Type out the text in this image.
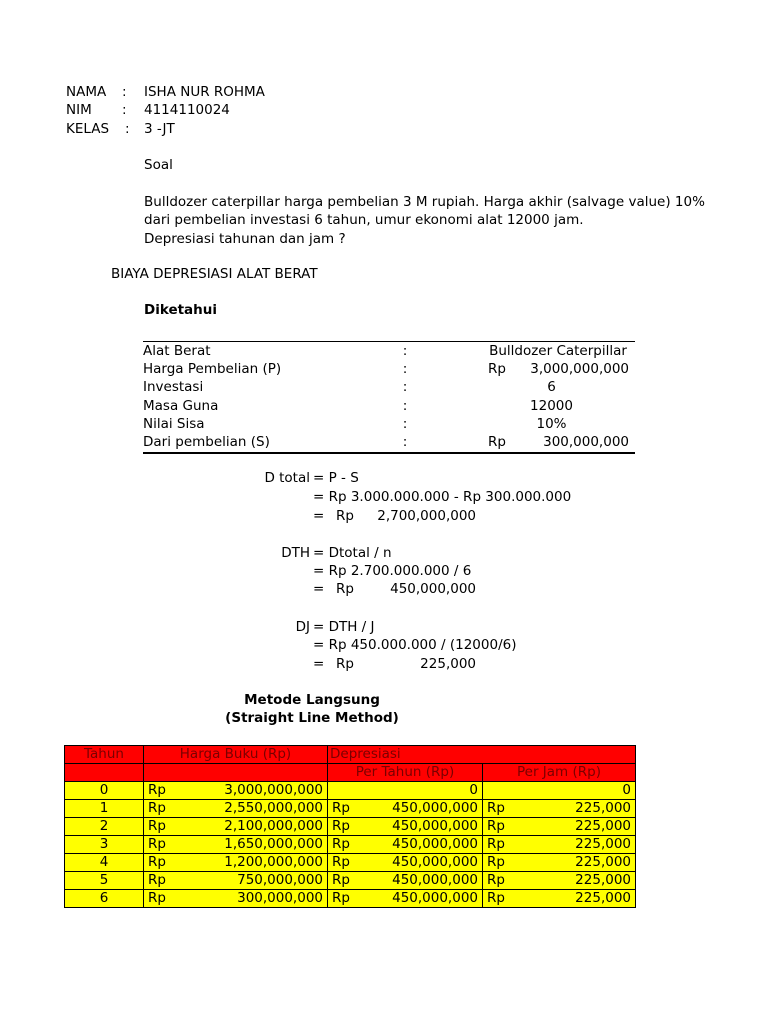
NAMA : ISHA NUR ROHMA
NIM : 4114110024
KELAS : 3 -JT
Soal
Bulldozer caterpillar harga pembelian 3 M rupiah. Harga akhir (salvage value) 10%
dari pembelian investasi 6 tahun, umur ekonomi alat 12000 jam.
Depresiasi tahunan dan jam ?
BIAYA DEPRESIASI ALAT BERAT
Diketahui
Alat Berat	:	Bulldozer Caterpillar
Harga Pembelian (P)	:	Rp 3,000,000,000
Investasi	:	6
Masa Guna	:	12000
Nilai Sisa	:	10%
Dari pembelian (S)	:	Rp	300,000,000
D total = P - S
= Rp 3.000.000.000 - Rp 300.000.000
= Rp	2,700,000,000
DTH = Dtotal / n
= Rp 2.700.000.000 / 6
= Rp	450,000,000
DJ = DTH / J
= Rp 450.000.000 / (12000/6)
= Rp	225,000
Metode Langsung
(Straight Line Method)
Tahun	Harga Buku (Rp)	Depresiasi	
		Per Tahun (Rp)	Per Jam (Rp)
0	Rp 3,000,000,000	0	0

1	Rp 2,550,000,000	Rp 450,000,000	Rp 225,000

2	Rp 2,100,000,000	Rp 450,000,000	Rp 225,000

3	Rp 1,650,000,000	Rp 450,000,000	Rp 225,000

4	Rp 1,200,000,000	Rp 450,000,000	Rp 225,000

5	Rp 750,000,000	Rp 450,000,000	Rp 225,000

6	Rp 300,000,000	Rp 450,000,000	Rp 225,000
